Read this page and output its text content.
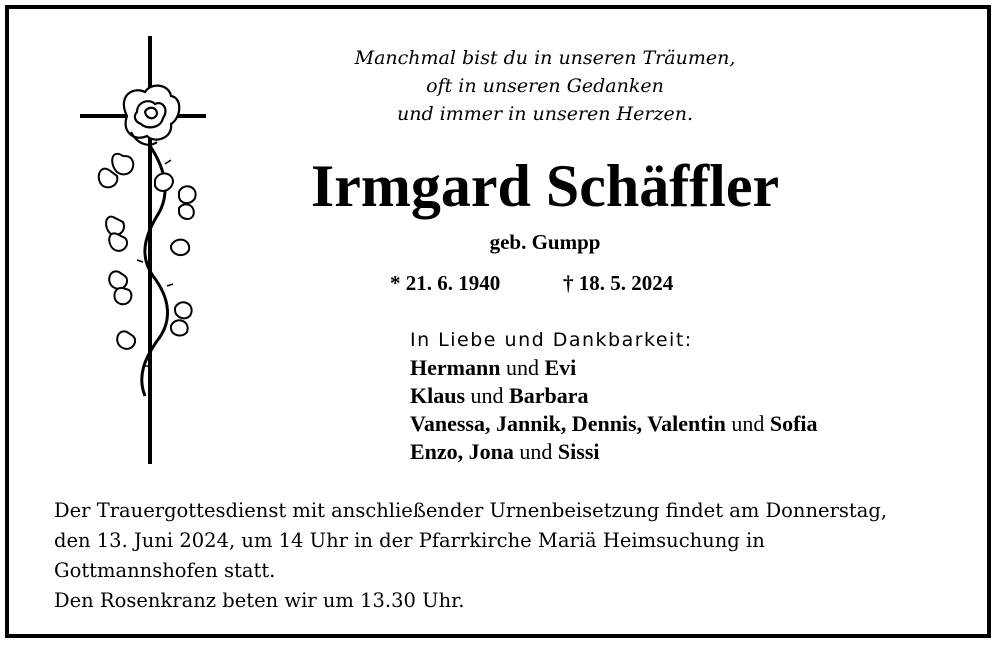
Manchmal bist du in unseren Träumen,
oft in unseren Gedanken
und immer in unseren Herzen.
Irmgard Schäffler
geb. Gumpp
* 21. 6. 1940	† 18. 5. 2024
In Liebe und Dankbarkeit:
Hermann und Evi
Klaus und Barbara
Vanessa, Jannik, Dennis, Valentin und Sofia
Enzo, Jona und Sissi
Der Trauergottesdienst mit anschließender Urnenbeisetzung findet am Donnerstag,
den 13. Juni 2024, um 14 Uhr in der Pfarrkirche Mariä Heimsuchung in
Gottmannshofen statt.
Den Rosenkranz beten wir um 13.30 Uhr.
